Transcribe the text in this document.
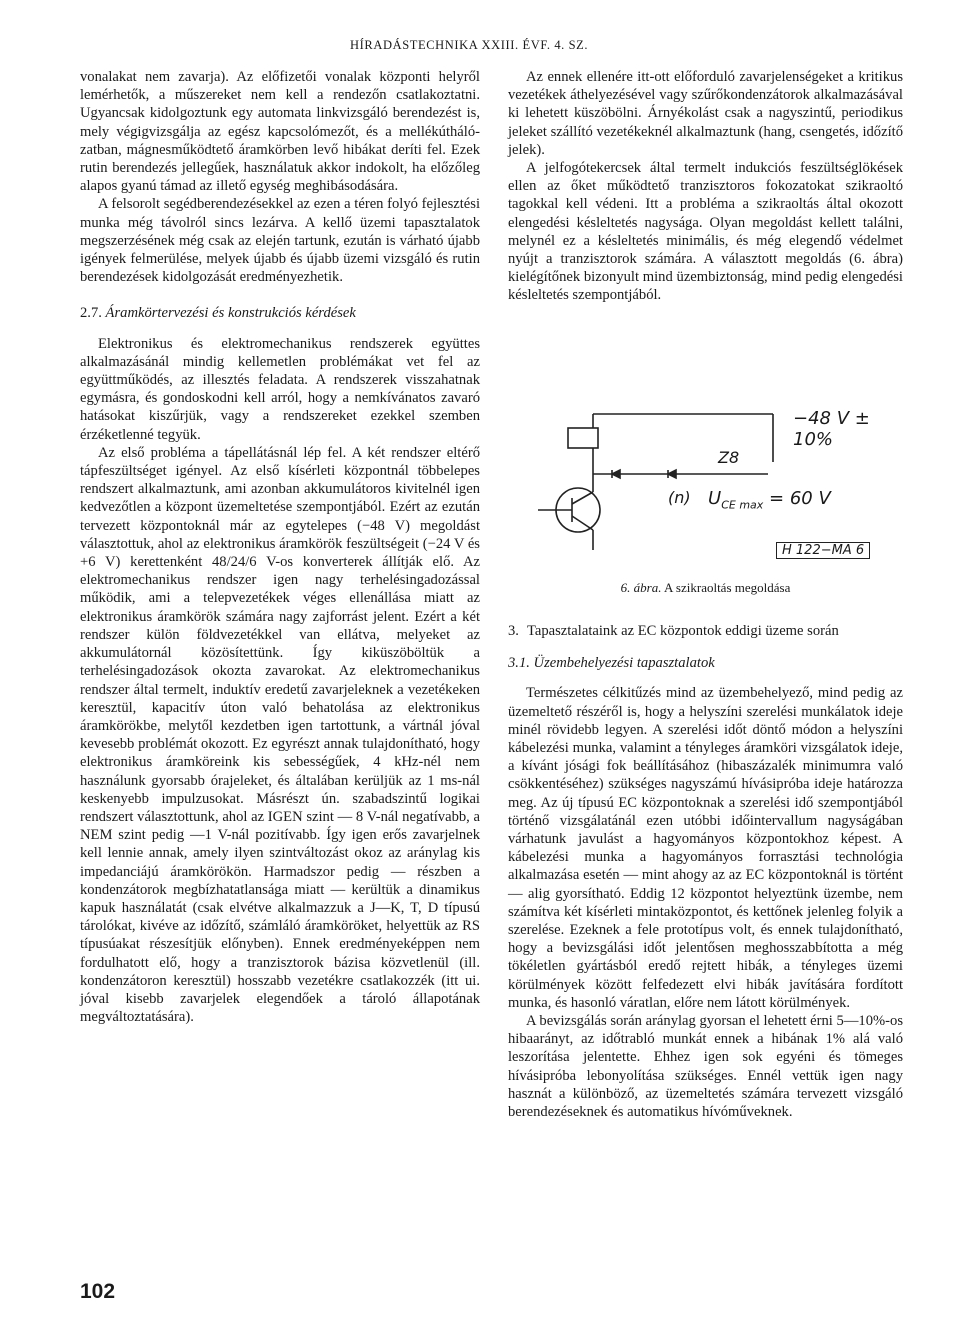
HÍRADÁSTECHNIKA XXIII. ÉVF. 4. SZ.

vonalakat nem zavarja). Az előfizetői vonalak központi helyről lemérhetők, a műszereket nem kell a rendezőn csatlakoztatni. Ugyancsak kidolgoztunk egy automata linkvizsgáló berendezést is, mely végigvizsgálja az egész kapcsolómezőt, és a mellékútháló-zatban, mágnesműködtető áramkörben levő hibákat deríti fel. Ezek rutin berendezés jellegűek, használatuk akkor indokolt, ha előzőleg alapos gyanú támad az illető egység meghibásodására.

A felsorolt segédberendezésekkel az ezen a téren folyó fejlesztési munka még távolról sincs lezárva. A kellő üzemi tapasztalatok megszerzésének még csak az elején tartunk, ezután is várható újabb igények felmerülése, melyek újabb és újabb üzemi vizsgáló és rutin berendezések kidolgozását eredményezhetik.

2.7. Áramkörtervezési és konstrukciós kérdések

Elektronikus és elektromechanikus rendszerek együttes alkalmazásánál mindig kellemetlen problémákat vet fel az együttműködés, az illesztés feladata. A rendszerek visszahatnak egymásra, és gondoskodni kell arról, hogy a nemkívánatos zavaró hatásokat kiszűrjük, vagy a rendszereket ezekkel szemben érzéketlenné tegyük.

Az első probléma a tápellátásnál lép fel. A két rendszer eltérő tápfeszültséget igényel. Az első kísérleti központnál többelepes rendszert alkalmaztunk, ami azonban akkumulátoros kivitelnél igen kedvezőtlen a központ üzemeltetése szempontjából. Ezért az ezután tervezett központoknál már az egytelepes (−48 V) megoldást választottuk, ahol az elektronikus áramkörök feszültségeit (−24 V és +6 V) kerettenként 48/24/6 V-os konverterek állítják elő. Az elektromechanikus rendszer igen nagy terhelésingadozással működik, ami a telepvezetékek véges ellenállása miatt az elektronikus áramkörök számára nagy zajforrást jelent. Ezért a két rendszer külön földvezetékkel van ellátva, melyeket az akkumulátornál közösítettünk. Így kiküszöböltük a terhelésingadozások okozta zavarokat. Az elektromechanikus rendszer által termelt, induktív eredetű zavarjeleknek a vezetékeken keresztül, kapacitív úton való behatolása az elektronikus áramkörökbe, melytől kezdetben igen tartottunk, a vártnál jóval kevesebb problémát okozott. Ez egyrészt annak tulajdonítható, hogy elektronikus áramköreink kis sebességűek, 4 kHz-nél nem használunk gyorsabb órajeleket, és általában kerüljük az 1 ms-nál keskenyebb impulzusokat. Másrészt ún. szabadszintű logikai rendszert választottunk, ahol az IGEN szint — 8 V-nál negatívabb, a NEM szint pedig —1 V-nál pozitívabb. Így igen erős zavarjelnek kell lennie annak, amely ilyen szintváltozást okoz az aránylag kis impedanciájú áramkörökön. Harmadszor pedig — részben a kondenzátorok megbízhatatlansága miatt — kerültük a dinamikus kapuk használatát (csak elvétve alkalmazzuk a J—K, T, D típusú tárolókat, kivéve az időzítő, számláló áramköröket, helyettük az RS típusúakat részesítjük előnyben). Ennek eredményeképpen nem fordulhatott elő, hogy a tranzisztorok bázisa közvetlenül (ill. kondenzátoron keresztül) hosszabb vezetékre csatlakozzék (itt ui. jóval kisebb zavarjelek elegendőek a tároló állapotának megváltoztatására).

Az ennek ellenére itt-ott előforduló zavarjelenségeket a kritikus vezetékek áthelyezésével vagy szűrőkondenzátorok alkalmazásával ki lehetett küszöbölni. Árnyékolást csak a nagyszintű, periodikus jeleket szállító vezetékeknél alkalmaztunk (hang, csengetés, időzítő jelek).

A jelfogótekercsek által termelt indukciós feszültséglökések ellen az őket működtető tranzisztoros fokozatokat szikraoltó tagokkal kell védeni. Itt a probléma a szikraoltás által okozott elengedési késleltetés nagysága. Olyan megoldást kellett találni, melynél ez a késleltetés minimális, és még elegendő védelmet nyújt a tranzisztorok számára. A választott megoldás (6. ábra) kielégítőnek bizonyult mind üzembiztonság, mind pedig elengedési késleltetés szempontjából.

−48 V ± 10%
Z8
(n) $U_{CE max} = 60$ V
H 122−MA 6
6. ábra. A szikraoltás megoldása
3. Tapasztalataink az EC központok eddigi üzeme során
3.1. Üzembehelyezési tapasztalatok

Természetes célkitűzés mind az üzembehelyező, mind pedig az üzemeltető részéről is, hogy a helyszíni szerelési munkálatok ideje minél rövidebb legyen. A szerelési időt döntő módon a helyszíni kábelezési munka, valamint a tényleges áramköri vizsgálatok ideje, a kívánt jósági fok beállításához (hibaszázalék minimumra való csökkentéséhez) szükséges nagyszámú hívásipróba ideje határozza meg. Az új típusú EC központoknak a szerelési idő szempontjából történő vizsgálatánál ezen utóbbi időintervallum nagyságában várhatunk javulást a hagyományos központokhoz képest. A kábelezési munka a hagyományos forrasztási technológia alkalmazása esetén — mint ahogy az az EC központoknál is történt — alig gyorsítható. Eddig 12 központot helyeztünk üzembe, nem számítva két kísérleti mintaközpontot, és kettőnek jelenleg folyik a szerelése. Ezeknek a fele prototípus volt, és ennek tulajdonítható, hogy a bevizsgálási időt jelentősen meghosszabbította a még tökéletlen gyártásból eredő rejtett hibák, a tényleges üzemi körülmények között felfedezett elvi hibák javítására fordított munka, és hasonló váratlan, előre nem látott körülmények.

A bevizsgálás során aránylag gyorsan el lehetett érni 5—10%-os hibaarányt, az időtrabló munkát ennek a hibának 1% alá való leszorítása jelentette. Ehhez igen sok egyéni és tömeges hívásipróba lebonyolítása szükséges. Ennél vettük igen nagy hasznát a különböző, az üzemeltetés számára tervezett vizsgáló berendezéseknek és automatikus hívóműveknek.

102
